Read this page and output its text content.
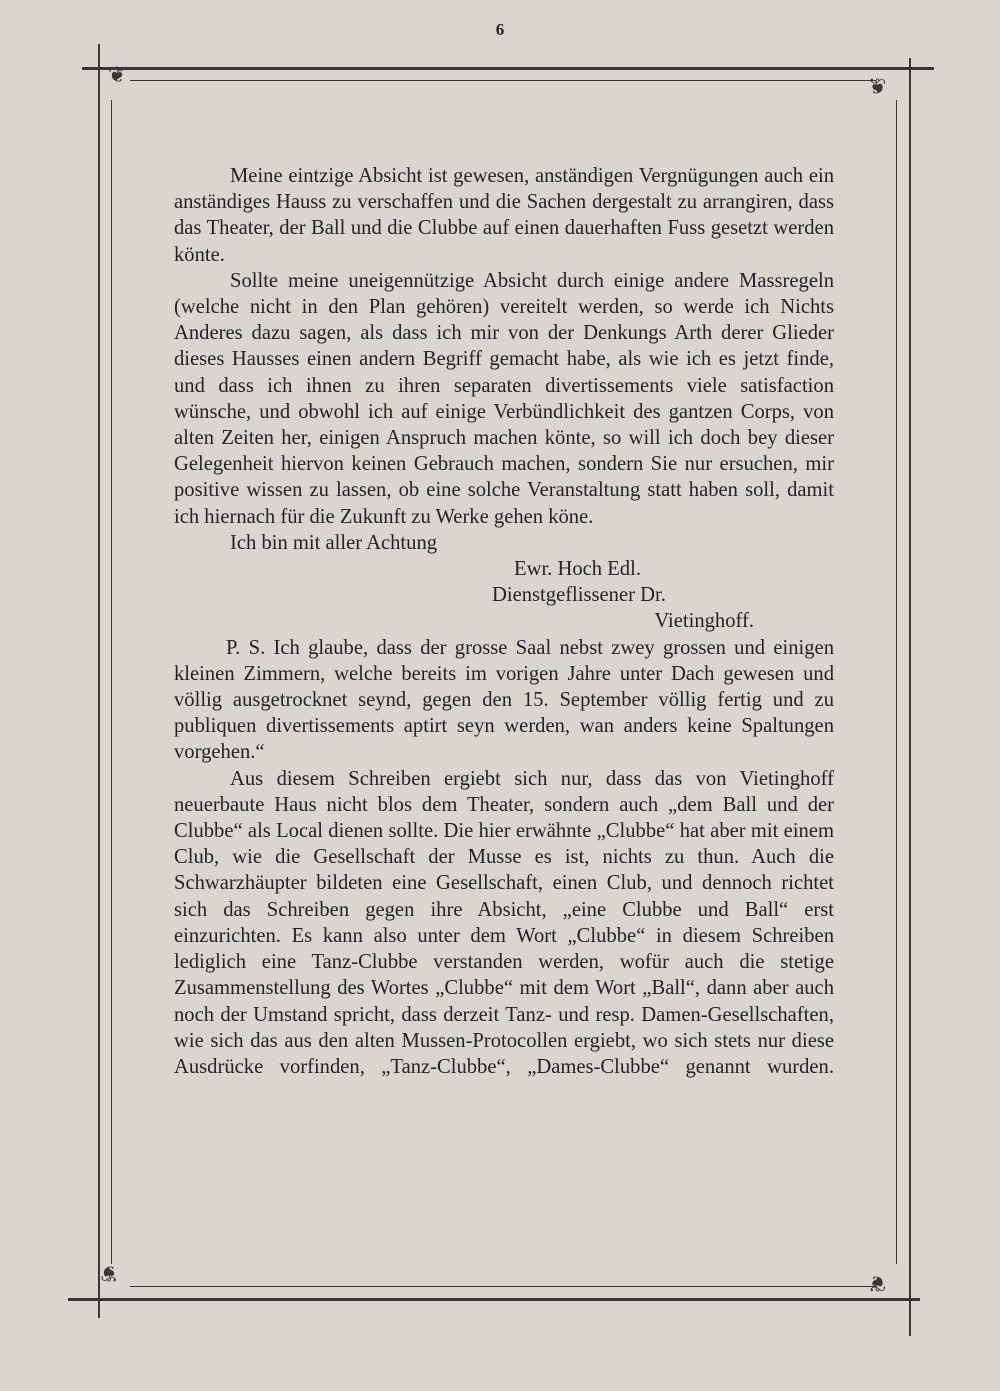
6
❦	❦
❦	❦

Meine eintzige Absicht ist gewesen, anständigen Vergnügungen auch ein anständiges Hauss zu verschaffen und die Sachen dergestalt zu arrangiren, dass das Theater, der Ball und die Clubbe auf einen dauerhaften Fuss gesetzt werden könte.

Sollte meine uneigennützige Absicht durch einige andere Massregeln (welche nicht in den Plan gehören) vereitelt werden, so werde ich Nichts Anderes dazu sagen, als dass ich mir von der Denkungs Arth derer Glieder dieses Hausses einen andern Begriff gemacht habe, als wie ich es jetzt finde, und dass ich ihnen zu ihren separaten divertissements viele satisfaction wünsche, und obwohl ich auf einige Verbündlichkeit des gantzen Corps, von alten Zeiten her, einigen Anspruch machen könte, so will ich doch bey dieser Gelegenheit hiervon keinen Gebrauch machen, sondern Sie nur ersuchen, mir positive wissen zu lassen, ob eine solche Veranstaltung statt haben soll, damit ich hiernach für die Zukunft zu Werke gehen köne.

Ich bin mit aller Achtung

Ewr. Hoch Edl.

Dienstgeflissener Dr.

Vietinghoff.

P. S. Ich glaube, dass der grosse Saal nebst zwey grossen und einigen kleinen Zimmern, welche bereits im vorigen Jahre unter Dach gewesen und völlig ausgetrocknet seynd, gegen den 15. September völlig fertig und zu publiquen divertissements aptirt seyn werden, wan anders keine Spaltungen vorgehen.“

Aus diesem Schreiben ergiebt sich nur, dass das von Vietinghoff neuerbaute Haus nicht blos dem Theater, sondern auch „dem Ball und der Clubbe“ als Local dienen sollte. Die hier erwähnte „Clubbe“ hat aber mit einem Club, wie die Gesellschaft der Musse es ist, nichts zu thun. Auch die Schwarzhäupter bildeten eine Gesellschaft, einen Club, und dennoch richtet sich das Schreiben gegen ihre Absicht, „eine Clubbe und Ball“ erst einzurichten. Es kann also unter dem Wort „Clubbe“ in diesem Schreiben lediglich eine Tanz-Clubbe verstanden werden, wofür auch die stetige Zusammenstellung des Wortes „Clubbe“ mit dem Wort „Ball“, dann aber auch noch der Umstand spricht, dass derzeit Tanz- und resp. Damen-Gesellschaften, wie sich das aus den alten Mussen-Protocollen ergiebt, wo sich stets nur diese Ausdrücke vorfinden, „Tanz-Clubbe“, „Dames-Clubbe“ genannt wurden.
